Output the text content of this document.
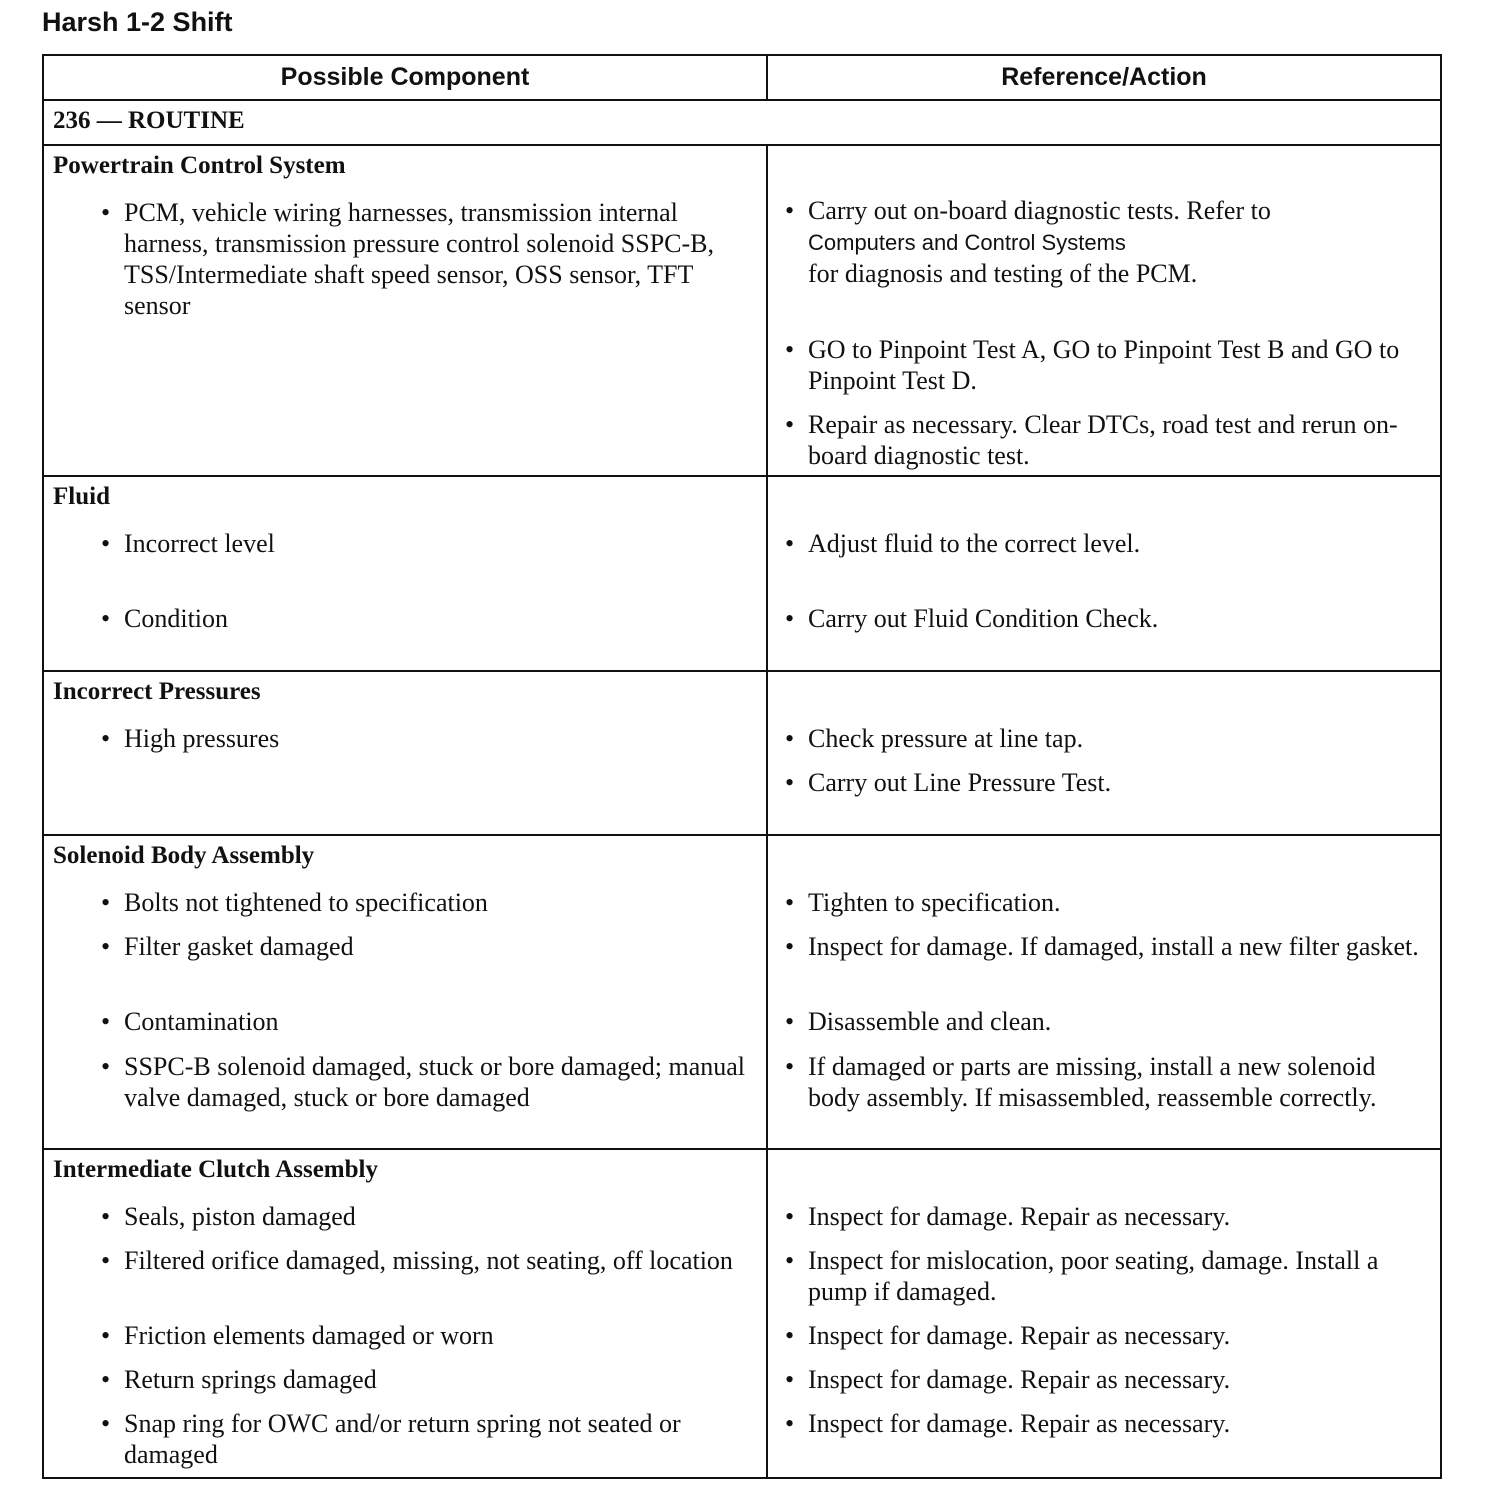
Harsh 1-2 Shift
Possible Component	Reference/Action
236 — ROUTINE
Powertrain Control System
• PCM, vehicle wiring harnesses, transmission internal harness, transmission pressure control solenoid SSPC-B, TSS/Intermediate shaft speed sensor, OSS sensor, TFT sensor
• Carry out on-board diagnostic tests. Refer to
Computers and Control Systems
for diagnosis and testing of the PCM.
• GO to Pinpoint Test A, GO to Pinpoint Test B and GO to Pinpoint Test D.
• Repair as necessary. Clear DTCs, road test and rerun on-board diagnostic test.
Fluid
• Incorrect level
• Condition
• Adjust fluid to the correct level.
• Carry out Fluid Condition Check.
Incorrect Pressures
• High pressures	• Check pressure at line tap.
• Carry out Line Pressure Test.
Solenoid Body Assembly
• Bolts not tightened to specification
• Filter gasket damaged
• Contamination
• SSPC-B solenoid damaged, stuck or bore damaged; manual valve damaged, stuck or bore damaged
• Tighten to specification.
• Inspect for damage. If damaged, install a new filter gasket.
• Disassemble and clean.
• If damaged or parts are missing, install a new solenoid body assembly. If misassembled, reassemble correctly.
Intermediate Clutch Assembly
• Seals, piston damaged
• Filtered orifice damaged, missing, not seating, off location
• Friction elements damaged or worn
• Return springs damaged
• Snap ring for OWC and/or return spring not seated or damaged
• Inspect for damage. Repair as necessary.
• Inspect for mislocation, poor seating, damage. Install a pump if damaged.
• Inspect for damage. Repair as necessary.
• Inspect for damage. Repair as necessary.
• Inspect for damage. Repair as necessary.
